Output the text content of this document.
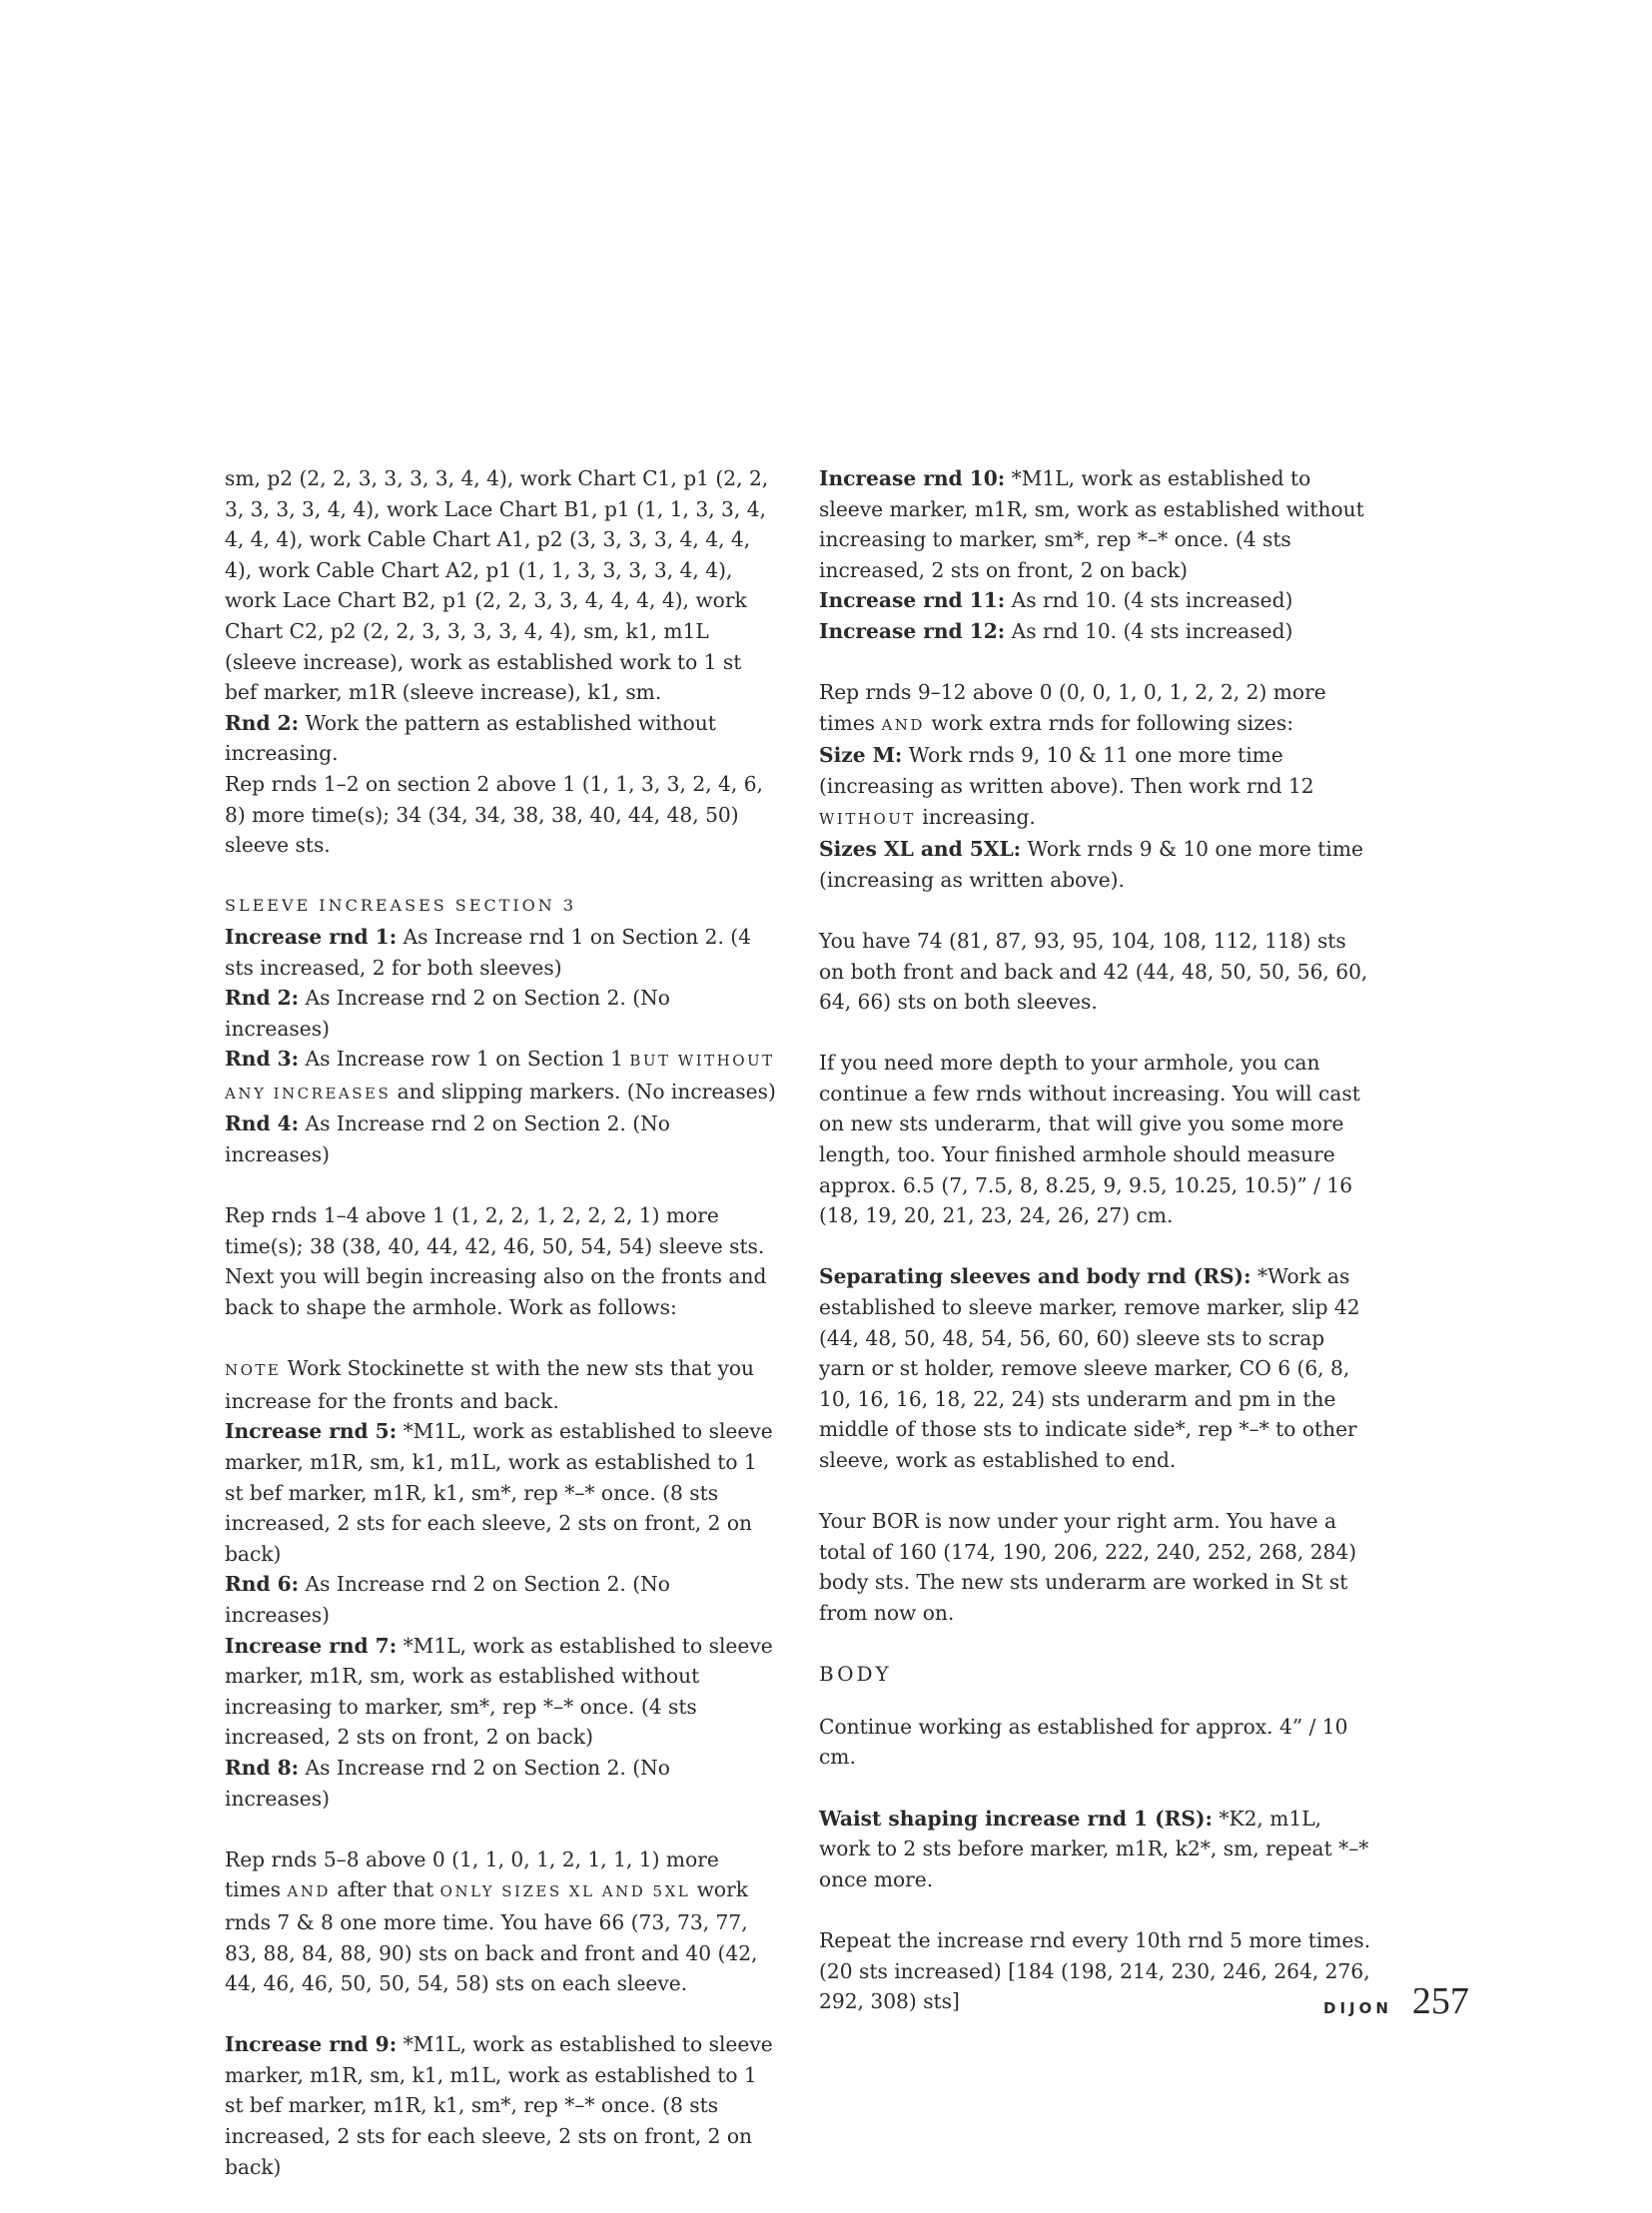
sm, p2 (2, 2, 3, 3, 3, 3, 4, 4), work Chart C1, p1 (2, 2, 3, 3, 3, 3, 4, 4), work Lace Chart B1, p1 (1, 1, 3, 3, 4, 4, 4, 4), work Cable Chart A1, p2 (3, 3, 3, 3, 4, 4, 4, 4), work Cable Chart A2, p1 (1, 1, 3, 3, 3, 3, 4, 4), work Lace Chart B2, p1 (2, 2, 3, 3, 4, 4, 4, 4), work Chart C2, p2 (2, 2, 3, 3, 3, 3, 4, 4), sm, k1, m1L (sleeve increase), work as established work to 1 st bef marker, m1R (sleeve increase), k1, sm.

Rnd 2: Work the pattern as established without increasing.

Rep rnds 1–2 on section 2 above 1 (1, 1, 3, 3, 2, 4, 6, 8) more time(s); 34 (34, 34, 38, 38, 40, 44, 48, 50) sleeve sts.

SLEEVE INCREASES SECTION 3
Increase rnd 1: As Increase rnd 1 on Section 2. (4 sts increased, 2 for both sleeves)
Rnd 2: As Increase rnd 2 on Section 2. (No increases)
Rnd 3: As Increase row 1 on Section 1 BUT WITHOUT ANY INCREASES and slipping markers. (No increases)

Rnd 4: As Increase rnd 2 on Section 2. (No increases)

Rep rnds 1–4 above 1 (1, 2, 2, 1, 2, 2, 2, 1) more time(s); 38 (38, 40, 44, 42, 46, 50, 54, 54) sleeve sts.

Next you will begin increasing also on the fronts and back to shape the armhole. Work as follows:

NOTE Work Stockinette st with the new sts that you increase for the fronts and back.
Increase rnd 5: *M1L, work as established to sleeve marker, m1R, sm, k1, m1L, work as established to 1 st bef marker, m1R, k1, sm*, rep *–* once. (8 sts increased, 2 sts for each sleeve, 2 sts on front, 2 on back)
Rnd 6: As Increase rnd 2 on Section 2. (No increases)
Increase rnd 7: *M1L, work as established to sleeve marker, m1R, sm, work as established without increasing to marker, sm*, rep *–* once. (4 sts increased, 2 sts on front, 2 on back)

Rnd 8: As Increase rnd 2 on Section 2. (No increases)

Rep rnds 5–8 above 0 (1, 1, 0, 1, 2, 1, 1, 1) more times AND after that ONLY SIZES XL AND 5XL work rnds 7 & 8 one more time. You have 66 (73, 73, 77, 83, 88, 84, 88, 90) sts on back and front and 40 (42, 44, 46, 46, 50, 50, 54, 58) sts on each sleeve.

Increase rnd 9: *M1L, work as established to sleeve marker, m1R, sm, k1, m1L, work as established to 1 st bef marker, m1R, k1, sm*, rep *–* once. (8 sts increased, 2 sts for each sleeve, 2 sts on front, 2 on back)

Increase rnd 10: *M1L, work as established to sleeve marker, m1R, sm, work as established without increasing to marker, sm*, rep *–* once. (4 sts increased, 2 sts on front, 2 on back)
Increase rnd 11: As rnd 10. (4 sts increased)

Increase rnd 12: As rnd 10. (4 sts increased)

Rep rnds 9–12 above 0 (0, 0, 1, 0, 1, 2, 2, 2) more times AND work extra rnds for following sizes:
Size M: Work rnds 9, 10 & 11 one more time (increasing as written above). Then work rnd 12 WITHOUT increasing.

Sizes XL and 5XL: Work rnds 9 & 10 one more time (increasing as written above).

You have 74 (81, 87, 93, 95, 104, 108, 112, 118) sts on both front and back and 42 (44, 48, 50, 50, 56, 60, 64, 66) sts on both sleeves.

If you need more depth to your armhole, you can continue a few rnds without increasing. You will cast on new sts underarm, that will give you some more length, too. Your finished armhole should measure approx. 6.5 (7, 7.5, 8, 8.25, 9, 9.5, 10.25, 10.5)” / 16 (18, 19, 20, 21, 23, 24, 26, 27) cm.

Separating sleeves and body rnd (RS): *Work as established to sleeve marker, remove marker, slip 42 (44, 48, 50, 48, 54, 56, 60, 60) sleeve sts to scrap yarn or st holder, remove sleeve marker, CO 6 (6, 8, 10, 16, 16, 18, 22, 24) sts underarm and pm in the middle of those sts to indicate side*, rep *–* to other sleeve, work as established to end.

Your BOR is now under your right arm. You have a total of 160 (174, 190, 206, 222, 240, 252, 268, 284) body sts. The new sts underarm are worked in St st from now on.

BODY

Continue working as established for approx. 4” / 10 cm.

Waist shaping increase rnd 1 (RS): *K2, m1L, work to 2 sts before marker, m1R, k2*, sm, repeat *–* once more.

Repeat the increase rnd every 10th rnd 5 more times. (20 sts increased) [184 (198, 214, 230, 246, 264, 276, 292, 308) sts]	DIJON 257
